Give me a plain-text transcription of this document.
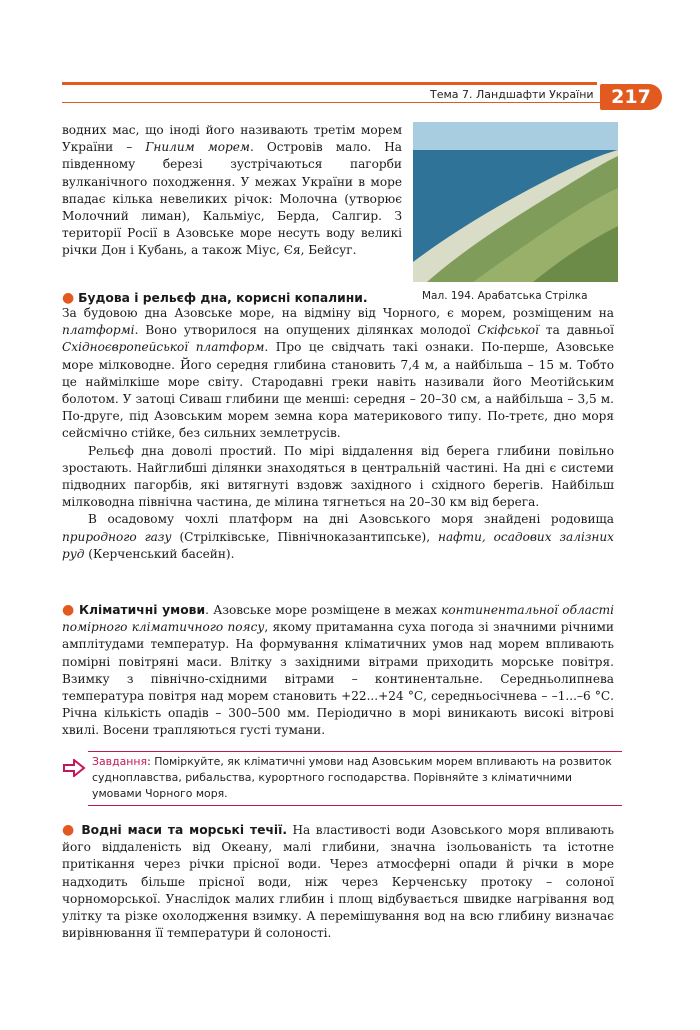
Тема 7. Ландшафти України 217
Мал. 194. Арабатська Стрілка

водних мас, що іноді його називають третім морем України – Гнилим морем. Островів мало. На південному березі зустрічаються пагорби вулканічного походження. У межах України в море впадає кілька невеликих річок: Молочна (утворює Молочний лиман), Кальміус, Берда, Салгир. З території Росії в Азовське море несуть воду великі річки Дон і Кубань, а також Міус, Єя, Бейсуг.

● Будова і рельєф дна, корисні копалини.

За будовою дна Азовське море, на відміну від Чорного, є морем, розміщеним на платформі. Воно утворилося на опущених ділянках молодої Скіфської та давньої Східноєвропейської платформ. Про це свідчать такі ознаки. По-перше, Азовське море мілководне. Його середня глибина становить 7,4 м, а найбільша – 15 м. Тобто це наймілкіше море світу. Стародавні греки навіть називали його Меотійським болотом. У затоці Сиваш глибини ще менші: середня – 20–30 см, а найбільша – 3,5 м. По-друге, під Азовським морем земна кора материкового типу. По-третє, дно моря сейсмічно стійке, без сильних землетрусів.

Рельєф дна доволі простий. По мірі віддалення від берега глибини повільно зростають. Найглибші ділянки знаходяться в центральній частині. На дні є системи підводних пагорбів, які витягнуті вздовж західного і східного берегів. Найбільш мілководна північна частина, де мілина тягнеться на 20–30 км від берега.

В осадовому чохлі платформ на дні Азовського моря знайдені родовища природного газу (Стрілківське, Північноказантипське), нафти, осадових залізних руд (Керченський басейн).

● Кліматичні умови. Азовське море розміщене в межах континентальної області помірного кліматичного поясу, якому притаманна суха погода зі значними річними амплітудами температур. На формування кліматичних умов над морем впливають помірні повітряні маси. Влітку з західними вітрами приходить морське повітря. Взимку з північно-східними вітрами – континентальне. Середньолипнева температура повітря над морем становить +22...+24 °С, середньосічнева – –1...–6 °С. Річна кількість опадів – 300–500 мм. Періодично в морі виникають високі вітрові хвилі. Восени трапляються густі тумани.

Завдання: Поміркуйте, як кліматичні умови над Азовським морем впливають на розвиток судноплавства, рибальства, курортного господарства. Порівняйте з кліматичними умовами Чорного моря.

● Водні маси та морські течії. На властивості води Азовського моря впливають його віддаленість від Океану, малі глибини, значна ізольованість та істотне притікання через річки прісної води. Через атмосферні опади й річки в море надходить більше прісної води, ніж через Керченську протоку – солоної чорноморської. Унаслідок малих глибин і площ відбувається швидке нагрівання вод улітку та різке охолодження взимку. А перемішування вод на всю глибину визначає вирівнювання її температури й солоності.
